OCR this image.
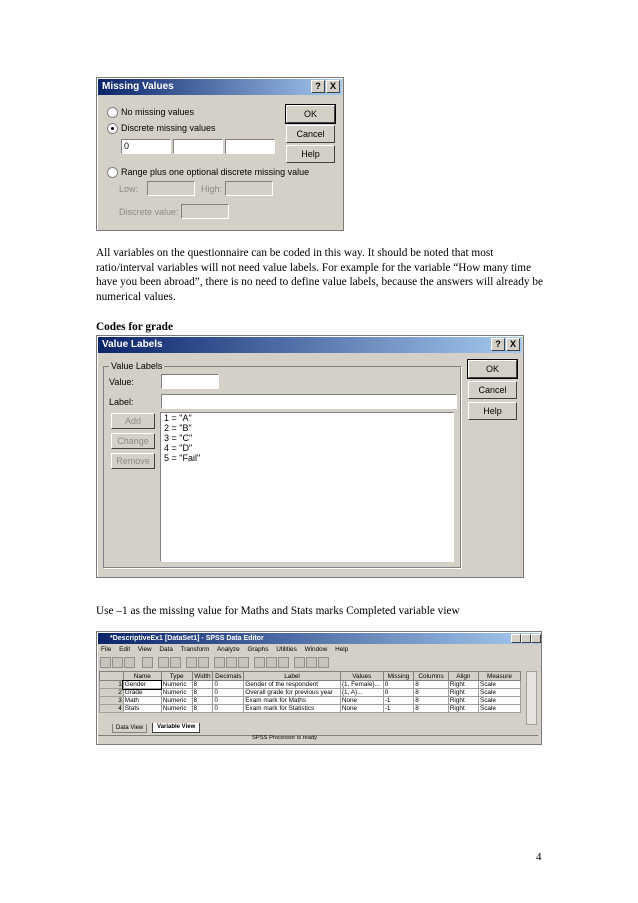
Missing Values	?	X
No missing values
Discrete missing values
0
Range plus one optional discrete missing value
Low:	High:
Discrete value:
OK
Cancel
Help
All variables on the questionnaire can be coded in this way. It should be noted that most ratio/interval variables will not need value labels. For example for the variable “How many time have you been abroad”, there is no need to define value labels, because the answers will already be numerical values.
Codes for grade
Value Labels	?	X
Value Labels
Value:
Label:
Add
Change
Remove
1 = "A"
2 = "B"
3 = "C"
4 = "D"
5 = "Fail"
OK
Cancel
Help
Use –1 as the missing value for Maths and Stats marks Completed variable view
*DescriptiveEx1 [DataSet1] - SPSS Data Editor
File Edit View Data Transform Analyze Graphs Utilities Window Help
	Name	Type	Width	Decimals	Label	Values	Missing	Columns	Align	Measure
1	Gender	Numeric	8	0	Gender of the respondent	{1, Female}...	0	8	Right	Scale
2	Grade	Numeric	8	0	Overall grade for previous year	{1, A}...	0	8	Right	Scale
3	Math	Numeric	8	0	Exam mark for Maths	None	-1	8	Right	Scale
4	Stats	Numeric	8	0	Exam mark for Statistics	None	-1	8	Right	Scale
Data View	Variable View
SPSS Processor is ready
4
